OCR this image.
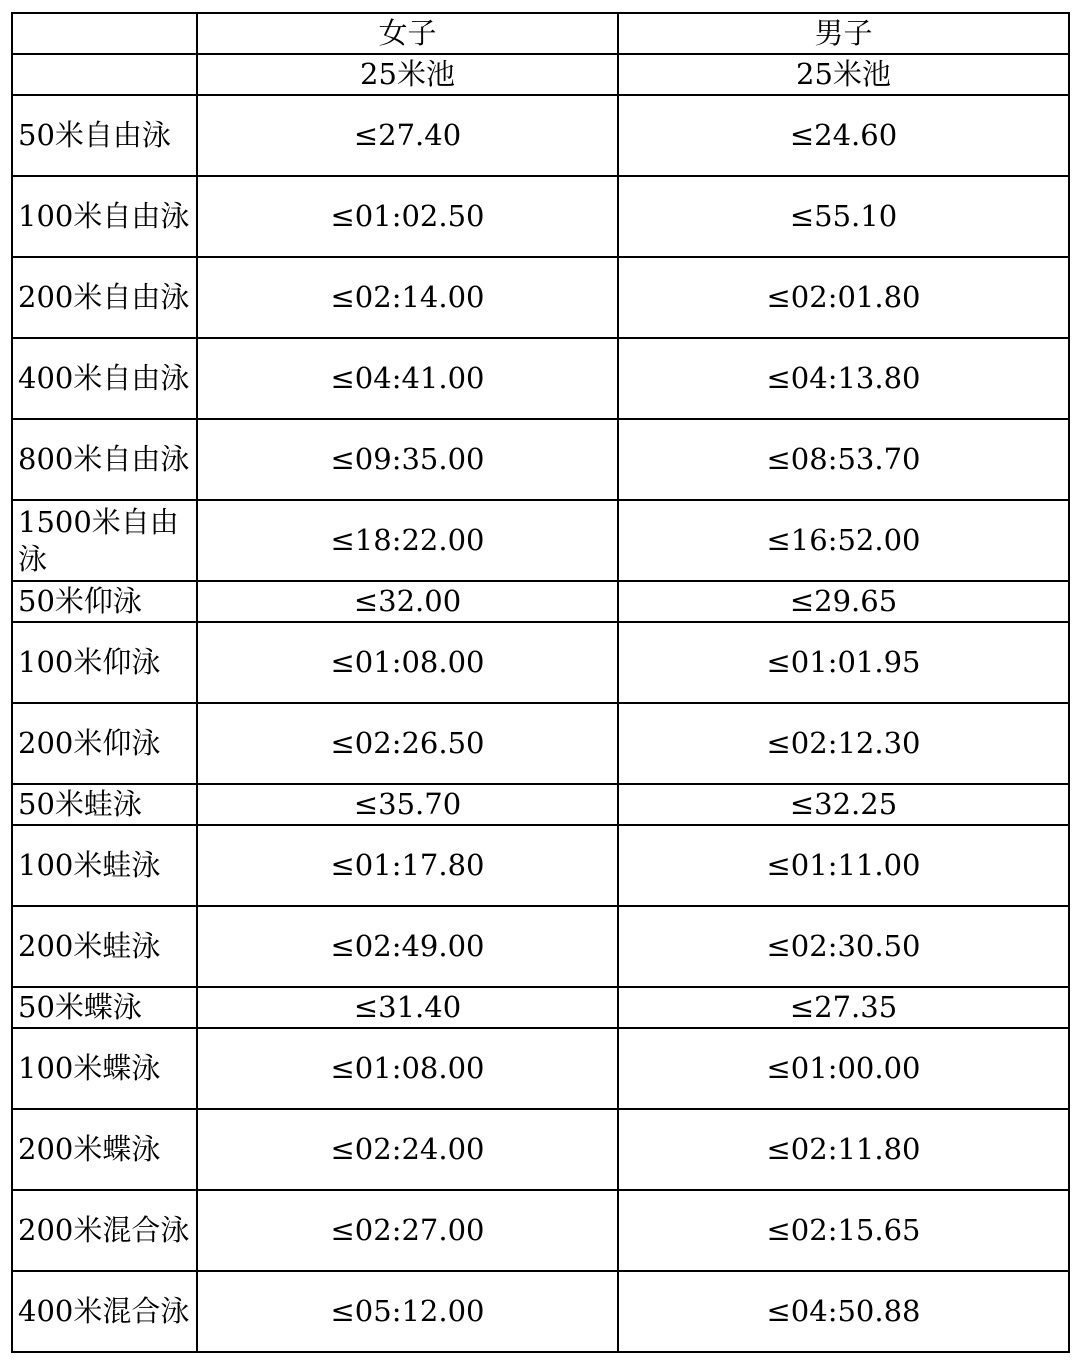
	女子	男子
	25米池	25米池
50米自由泳	≤27.40	≤24.60
100米自由泳	≤01:02.50	≤55.10
200米自由泳	≤02:14.00	≤02:01.80
400米自由泳	≤04:41.00	≤04:13.80
800米自由泳	≤09:35.00	≤08:53.70
1500米自由泳	≤18:22.00	≤16:52.00
50米仰泳	≤32.00	≤29.65
100米仰泳	≤01:08.00	≤01:01.95
200米仰泳	≤02:26.50	≤02:12.30
50米蛙泳	≤35.70	≤32.25
100米蛙泳	≤01:17.80	≤01:11.00
200米蛙泳	≤02:49.00	≤02:30.50
50米蝶泳	≤31.40	≤27.35
100米蝶泳	≤01:08.00	≤01:00.00
200米蝶泳	≤02:24.00	≤02:11.80
200米混合泳	≤02:27.00	≤02:15.65
400米混合泳	≤05:12.00	≤04:50.88
